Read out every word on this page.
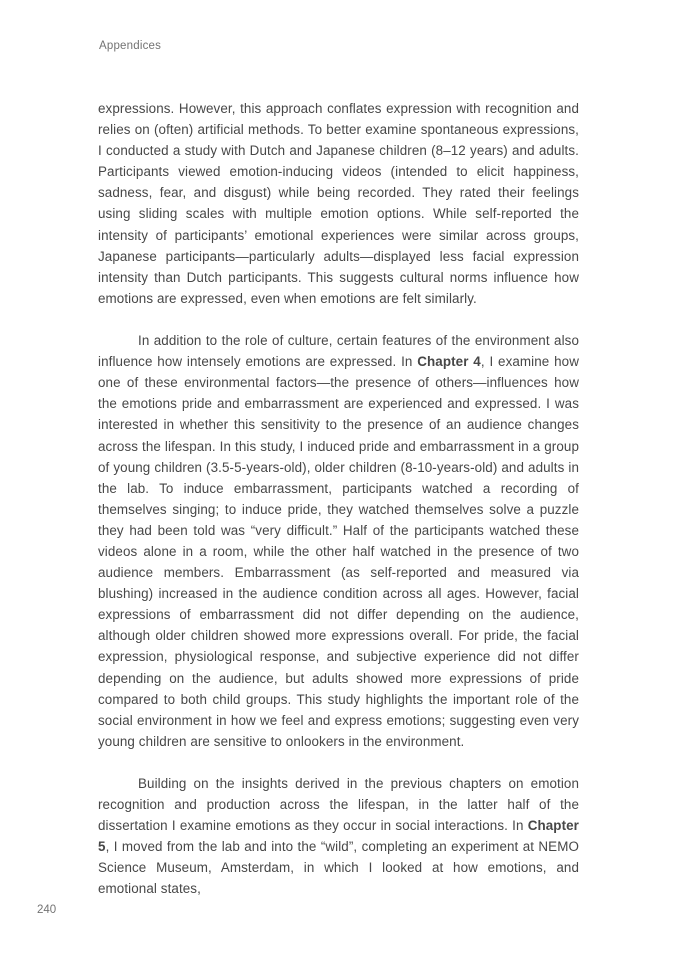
Appendices

expressions. However, this approach conflates expression with recognition and relies on (often) artificial methods. To better examine spontaneous expressions, I conducted a study with Dutch and Japanese children (8–12 years) and adults. Participants viewed emotion-inducing videos (intended to elicit happiness, sadness, fear, and disgust) while being recorded. They rated their feelings using sliding scales with multiple emotion options. While self-reported the intensity of participants’ emotional experiences were similar across groups, Japanese participants—particularly adults—displayed less facial expression intensity than Dutch participants. This suggests cultural norms influence how emotions are expressed, even when emotions are felt similarly.

In addition to the role of culture, certain features of the environment also influence how intensely emotions are expressed. In Chapter 4, I examine how one of these environmental factors—the presence of others—influences how the emotions pride and embarrassment are experienced and expressed. I was interested in whether this sensitivity to the presence of an audience changes across the lifespan. In this study, I induced pride and embarrassment in a group of young children (3.5-5-years-old), older children (8-10-years-old) and adults in the lab. To induce embarrassment, participants watched a recording of themselves singing; to induce pride, they watched themselves solve a puzzle they had been told was “very difficult.” Half of the participants watched these videos alone in a room, while the other half watched in the presence of two audience members. Embarrassment (as self-reported and measured via blushing) increased in the audience condition across all ages. However, facial expressions of embarrassment did not differ depending on the audience, although older children showed more expressions overall. For pride, the facial expression, physiological response, and subjective experience did not differ depending on the audience, but adults showed more expressions of pride compared to both child groups. This study highlights the important role of the social environment in how we feel and express emotions; suggesting even very young children are sensitive to onlookers in the environment.

Building on the insights derived in the previous chapters on emotion recognition and production across the lifespan, in the latter half of the dissertation I examine emotions as they occur in social interactions. In Chapter 5, I moved from the lab and into the “wild”, completing an experiment at NEMO Science Museum, Amsterdam, in which I looked at how emotions, and emotional states,

240
